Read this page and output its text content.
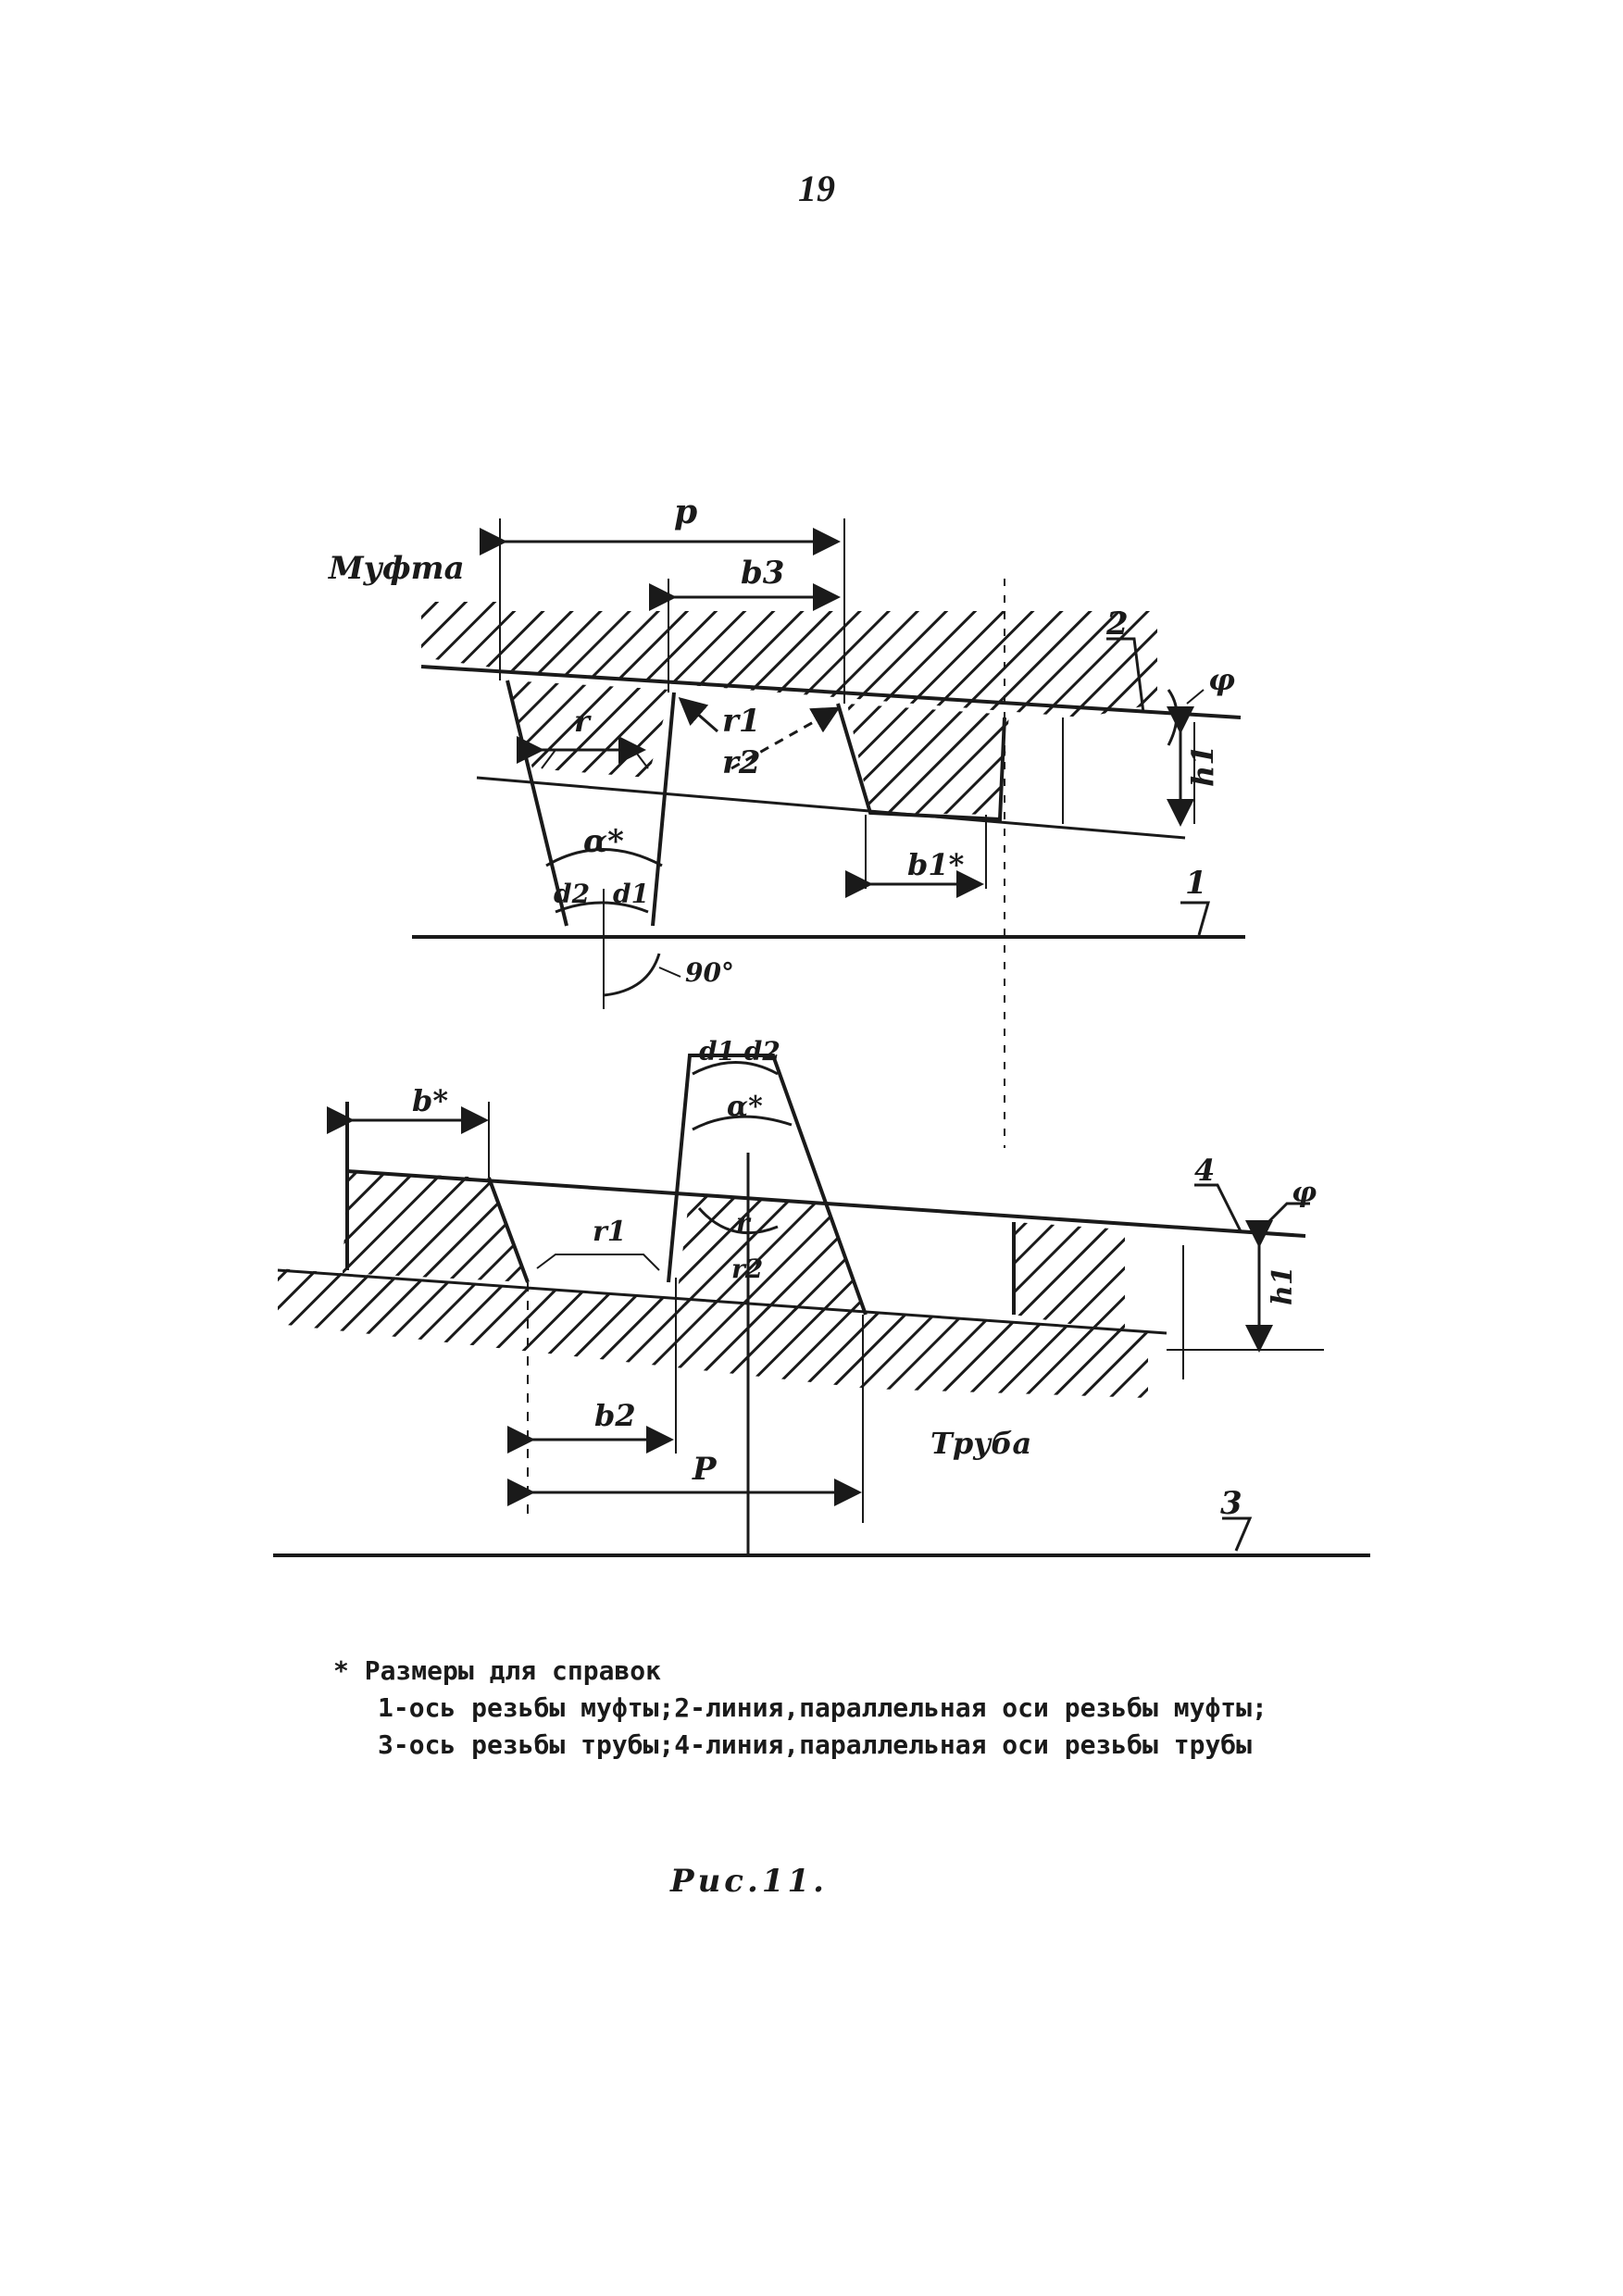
19
p
b3
r1
r2
r
α*
d2 d1
90°
b1*
h1
φ
2
1
Муфта
b*
d1 d2
α*
r
r2
r1
b2
P
h1
4
φ
3
Труба
* Размеры для справок
1-ось резьбы муфты;2-линия,параллельная оси резьбы муфты;
3-ось резьбы трубы;4-линия,параллельная оси резьбы трубы
Рис.11.
